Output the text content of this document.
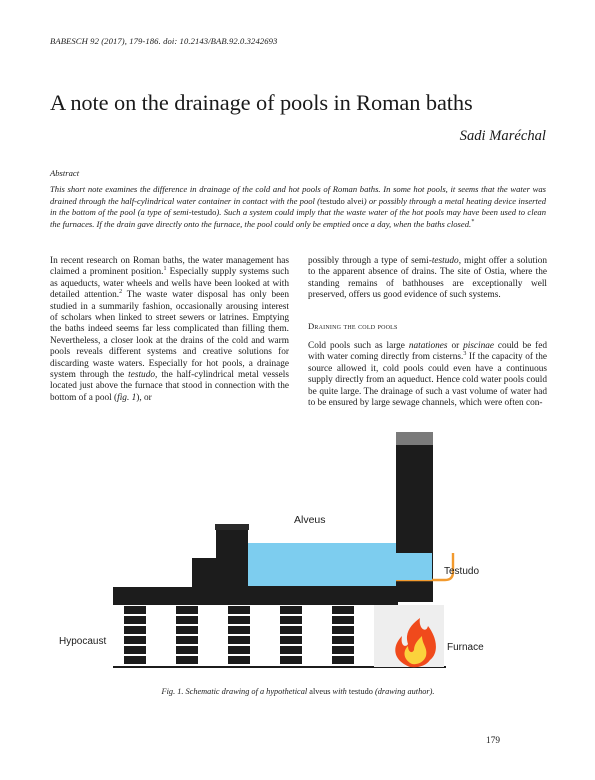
BABESCH 92 (2017), 179-186. doi: 10.2143/BAB.92.0.3242693
A note on the drainage of pools in Roman baths
Sadi Maréchal
Abstract

This short note examines the difference in drainage of the cold and hot pools of Roman baths. In some hot pools, it seems that the water was drained through the half-cylindrical water container in contact with the pool (testudo alvei) or possibly through a metal heating device inserted in the bottom of the pool (a type of semi-testudo). Such a system could imply that the waste water of the hot pools may have been used to clean the furnaces. If the drain gave directly onto the furnace, the pool could only be emptied once a day, when the baths closed.*

In recent research on Roman baths, the water management has claimed a prominent position.$^1$ Especially supply systems such as aqueducts, water wheels and wells have been looked at with detailed attention.$^2$ The waste water disposal has only been studied in a summarily fashion, occasionally arousing interest of scholars when linked to street sewers or latrines. Emptying the baths indeed seems far less complicated than filling them. Nevertheless, a closer look at the drains of the cold and warm pools reveals different systems and creative solutions for discarding waste waters. Especially for hot pools, a drainage system through the testudo, the half-cylindrical metal vessels located just above the furnace that stood in connection with the bottom of a pool (fig. 1), or

possibly through a type of semi-testudo, might offer a solution to the apparent absence of drains. The site of Ostia, where the standing remains of bathhouses are exceptionally well preserved, offers us good evidence of such systems.

Draining the cold pools

Cold pools such as large natationes or piscinae could be fed with water coming directly from cisterns.$^3$ If the capacity of the source allowed it, cold pools could even have a continuous supply directly from an aqueduct. Hence cold water pools could be quite large. The drainage of such a vast volume of water had to be ensured by large sewage channels, which were often con-

Alveus
Testudo
Hypocaust
Furnace

Fig. 1. Schematic drawing of a hypothetical alveus with testudo (drawing author).

179
